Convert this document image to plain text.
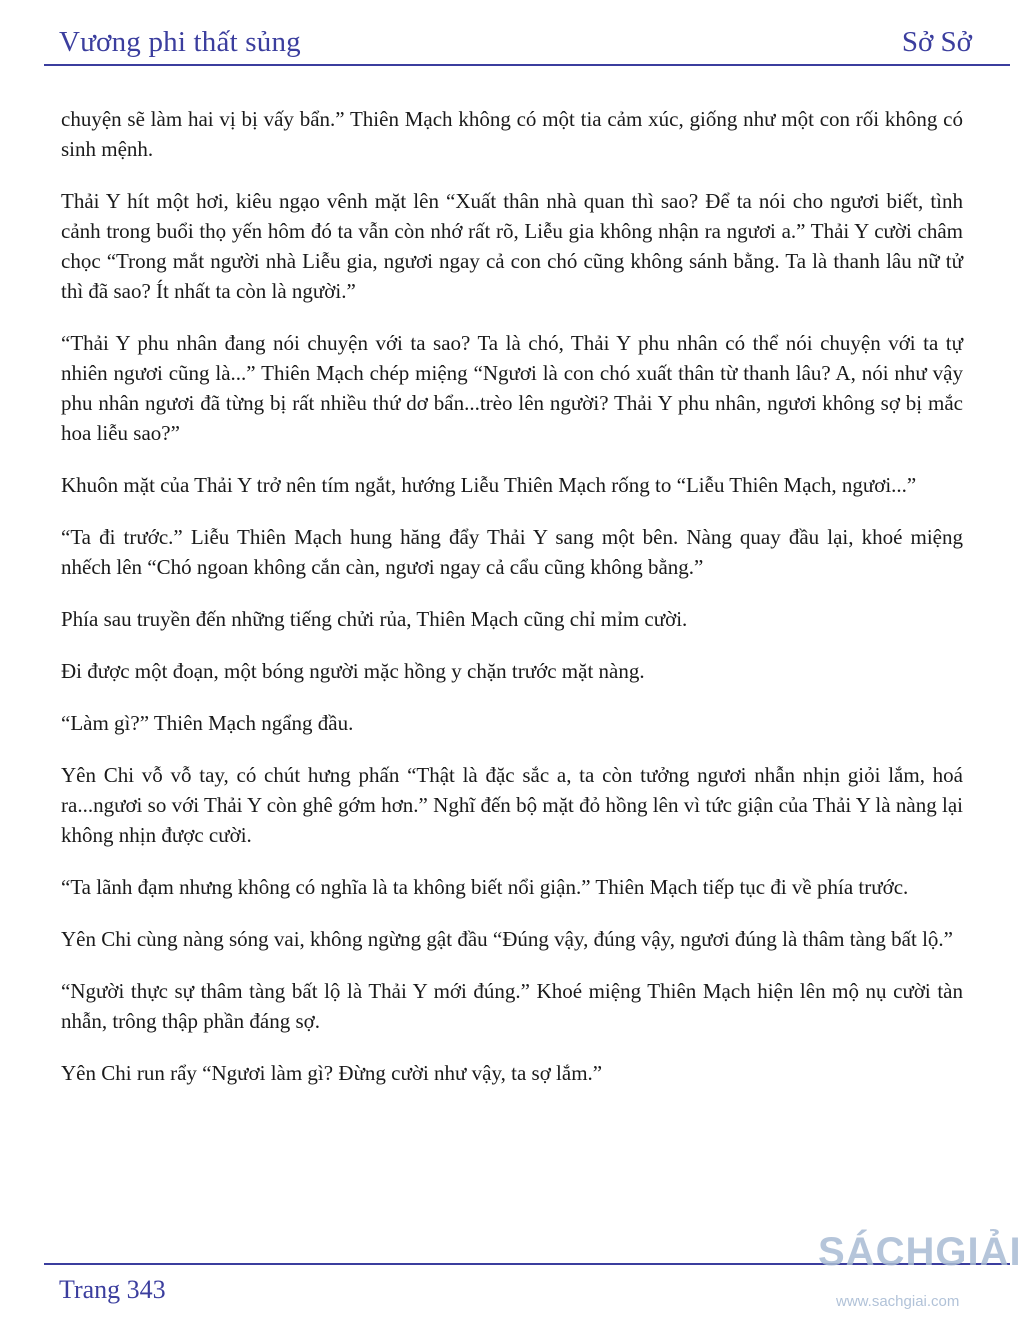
Vương phi thất sủng	Sở Sở

chuyện sẽ làm hai vị bị vấy bẩn.” Thiên Mạch không có một tia cảm xúc, giống như một con rối không có sinh mệnh.

Thải Y hít một hơi, kiêu ngạo vênh mặt lên “Xuất thân nhà quan thì sao? Để ta nói cho ngươi biết, tình cảnh trong buổi thọ yến hôm đó ta vẫn còn nhớ rất rõ, Liễu gia không nhận ra ngươi a.” Thải Y cười châm chọc “Trong mắt người nhà Liễu gia, ngươi ngay cả con chó cũng không sánh bằng. Ta là thanh lâu nữ tử thì đã sao? Ít nhất ta còn là người.”

“Thải Y phu nhân đang nói chuyện với ta sao? Ta là chó, Thải Y phu nhân có thể nói chuyện với ta tự nhiên ngươi cũng là...” Thiên Mạch chép miệng “Ngươi là con chó xuất thân từ thanh lâu? A, nói như vậy phu nhân ngươi đã từng bị rất nhiều thứ dơ bẩn...trèo lên người? Thải Y phu nhân, ngươi không sợ bị mắc hoa liễu sao?”

Khuôn mặt của Thải Y trở nên tím ngắt, hướng Liễu Thiên Mạch rống to “Liễu Thiên Mạch, ngươi...”

“Ta đi trước.” Liễu Thiên Mạch hung hăng đẩy Thải Y sang một bên. Nàng quay đầu lại, khoé miệng nhếch lên “Chó ngoan không cắn càn, ngươi ngay cả cẩu cũng không bằng.”

Phía sau truyền đến những tiếng chửi rủa, Thiên Mạch cũng chỉ mỉm cười.

Đi được một đoạn, một bóng người mặc hồng y chặn trước mặt nàng.

“Làm gì?” Thiên Mạch ngẩng đầu.

Yên Chi vỗ vỗ tay, có chút hưng phấn “Thật là đặc sắc a, ta còn tưởng ngươi nhẫn nhịn giỏi lắm, hoá ra...ngươi so với Thải Y còn ghê gớm hơn.” Nghĩ đến bộ mặt đỏ hồng lên vì tức giận của Thải Y là nàng lại không nhịn được cười.

“Ta lãnh đạm nhưng không có nghĩa là ta không biết nổi giận.” Thiên Mạch tiếp tục đi về phía trước.

Yên Chi cùng nàng sóng vai, không ngừng gật đầu “Đúng vậy, đúng vậy, ngươi đúng là thâm tàng bất lộ.”

“Người thực sự thâm tàng bất lộ là Thải Y mới đúng.” Khoé miệng Thiên Mạch hiện lên mộ nụ cười tàn nhẫn, trông thập phần đáng sợ.

Yên Chi run rẩy “Ngươi làm gì? Đừng cười như vậy, ta sợ lắm.”

Trang 343
SÁCHGIẢI
www.sachgiai.com
